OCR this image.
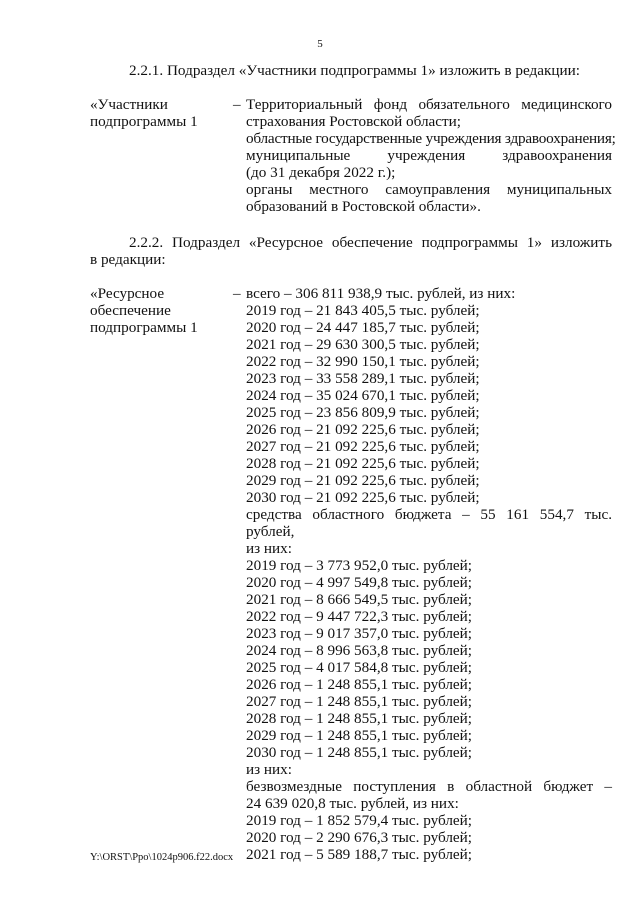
5
2.2.1. Подраздел «Участники подпрограммы 1» изложить в редакции:
«Участники
подпрограммы 1
– Территориальный фонд обязательного медицинского
страхования Ростовской области;
областные государственные учреждения здравоохранения;
муниципальные учреждения здравоохранения
(до 31 декабря 2022 г.);
органы местного самоуправления муниципальных
образований в Ростовской области».
2.2.2. Подраздел «Ресурсное обеспечение подпрограммы 1» изложить
в редакции:
«Ресурсное
обеспечение
подпрограммы 1
– всего – 306 811 938,9 тыс. рублей, из них:
2019 год – 21 843 405,5 тыс. рублей;
2020 год – 24 447 185,7 тыс. рублей;
2021 год – 29 630 300,5 тыс. рублей;
2022 год – 32 990 150,1 тыс. рублей;
2023 год – 33 558 289,1 тыс. рублей;
2024 год – 35 024 670,1 тыс. рублей;
2025 год – 23 856 809,9 тыс. рублей;
2026 год – 21 092 225,6 тыс. рублей;
2027 год – 21 092 225,6 тыс. рублей;
2028 год – 21 092 225,6 тыс. рублей;
2029 год – 21 092 225,6 тыс. рублей;
2030 год – 21 092 225,6 тыс. рублей;
средства областного бюджета – 55 161 554,7 тыс. рублей,
из них:
2019 год – 3 773 952,0 тыс. рублей;
2020 год – 4 997 549,8 тыс. рублей;
2021 год – 8 666 549,5 тыс. рублей;
2022 год – 9 447 722,3 тыс. рублей;
2023 год – 9 017 357,0 тыс. рублей;
2024 год – 8 996 563,8 тыс. рублей;
2025 год – 4 017 584,8 тыс. рублей;
2026 год – 1 248 855,1 тыс. рублей;
2027 год – 1 248 855,1 тыс. рублей;
2028 год – 1 248 855,1 тыс. рублей;
2029 год – 1 248 855,1 тыс. рублей;
2030 год – 1 248 855,1 тыс. рублей;
из них:
безвозмездные поступления в областной бюджет –
24 639 020,8 тыс. рублей, из них:
2019 год – 1 852 579,4 тыс. рублей;
2020 год – 2 290 676,3 тыс. рублей;
2021 год – 5 589 188,7 тыс. рублей;
Y:\ORST\Ppo\1024p906.f22.docx
